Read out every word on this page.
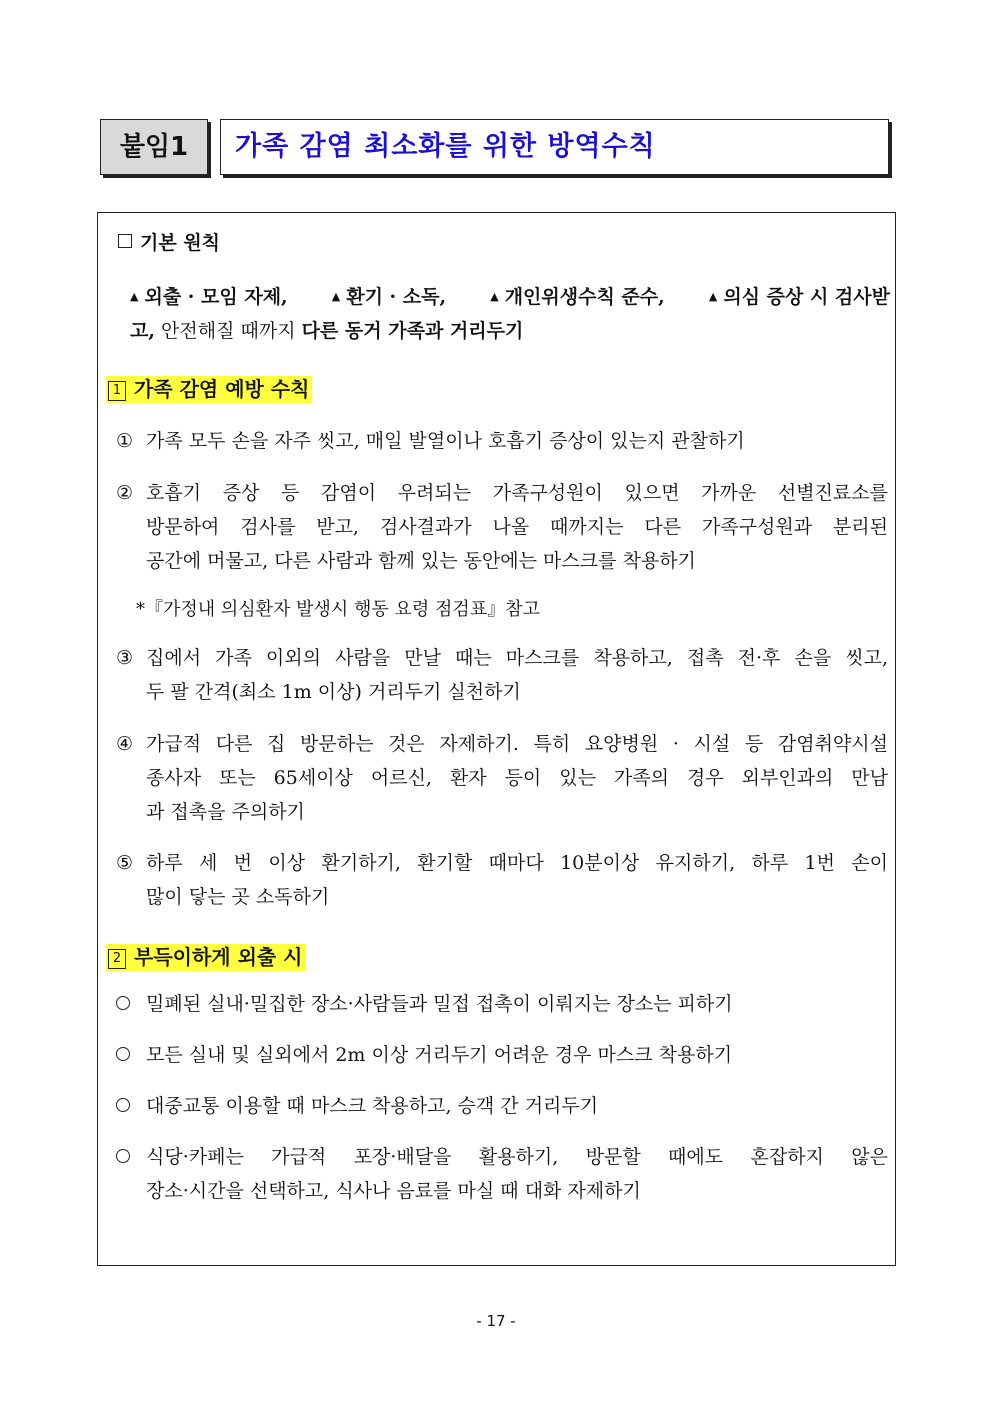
붙임1	가족 감염 최소화를 위한 방역수칙
기본 원칙
▲ 외출 · 모임 자제,	▲ 환기 · 소독,	▲ 개인위생수칙 준수,	▲ 의심 증상 시 검사받
고, 안전해질 때까지 다른 동거 가족과 거리두기
1 가족 감염 예방 수칙
① 가족 모두 손을 자주 씻고, 매일 발열이나 호흡기 증상이 있는지 관찰하기
② 호흡기 증상 등 감염이 우려되는 가족구성원이 있으면 가까운 선별진료소를
방문하여 검사를 받고, 검사결과가 나올 때까지는 다른 가족구성원과 분리된
공간에 머물고, 다른 사람과 함께 있는 동안에는 마스크를 착용하기
*『가정내 의심환자 발생시 행동 요령 점검표』참고
③ 집에서 가족 이외의 사람을 만날 때는 마스크를 착용하고, 접촉 전·후 손을 씻고,
두 팔 간격(최소 1m 이상) 거리두기 실천하기
④ 가급적 다른 집 방문하는 것은 자제하기. 특히 요양병원 · 시설 등 감염취약시설
종사자 또는 65세이상 어르신, 환자 등이 있는 가족의 경우 외부인과의 만남
과 접촉을 주의하기
⑤ 하루 세 번 이상 환기하기, 환기할 때마다 10분이상 유지하기, 하루 1번 손이
많이 닿는 곳 소독하기
2 부득이하게 외출 시
밀폐된 실내·밀집한 장소·사람들과 밀접 접촉이 이뤄지는 장소는 피하기
모든 실내 및 실외에서 2m 이상 거리두기 어려운 경우 마스크 착용하기
대중교통 이용할 때 마스크 착용하고, 승객 간 거리두기
식당·카페는 가급적 포장·배달을 활용하기, 방문할 때에도 혼잡하지 않은
장소·시간을 선택하고, 식사나 음료를 마실 때 대화 자제하기
- 17 -
